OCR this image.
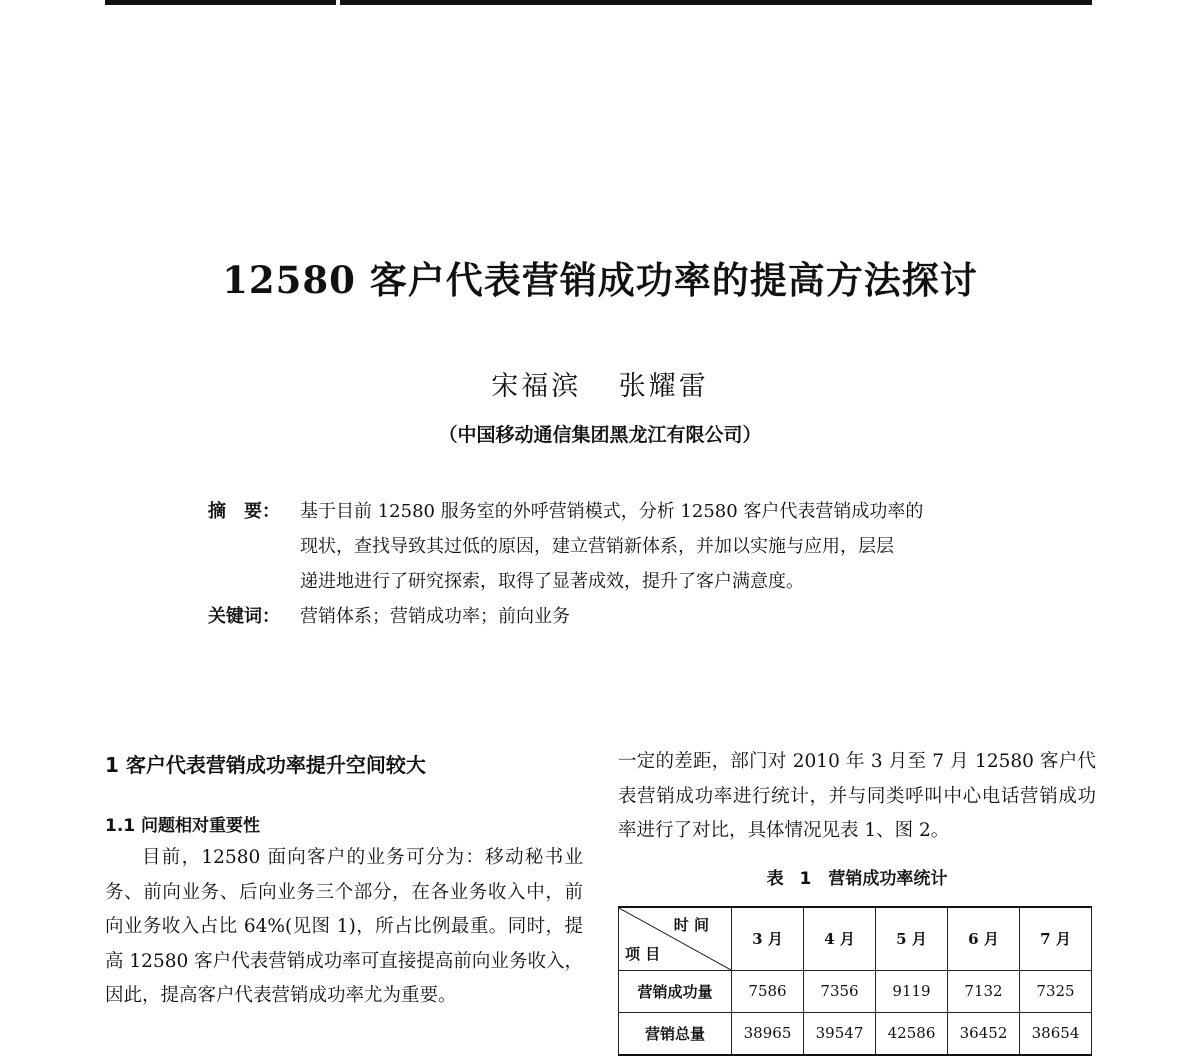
12580 客户代表营销成功率的提高方法探讨
宋福滨 张耀雷
（中国移动通信集团黑龙江有限公司）
摘　要：	基于目前 12580 服务室的外呼营销模式，分析 12580 客户代表营销成功率的
现状，查找导致其过低的原因，建立营销新体系，并加以实施与应用，层层
递进地进行了研究探索，取得了显著成效，提升了客户满意度。
关键词：	营销体系；营销成功率；前向业务
1 客户代表营销成功率提升空间较大
1.1 问题相对重要性

目前，12580 面向客户的业务可分为：移动秘书业务、前向业务、后向业务三个部分，在各业务收入中，前向业务收入占比 64%(见图 1)，所占比例最重。同时，提高 12580 客户代表营销成功率可直接提高前向业务收入，因此，提高客户代表营销成功率尤为重要。

一定的差距，部门对 2010 年 3 月至 7 月 12580 客户代表营销成功率进行统计，并与同类呼叫中心电话营销成功率进行了对比，具体情况见表 1、图 2。

表 1　营销成功率统计
时 间
项 目	3 月	4 月	5 月	6 月	7 月
营销成功量	7586	7356	9119	7132	7325
营销总量	38965	39547	42586	36452	38654
